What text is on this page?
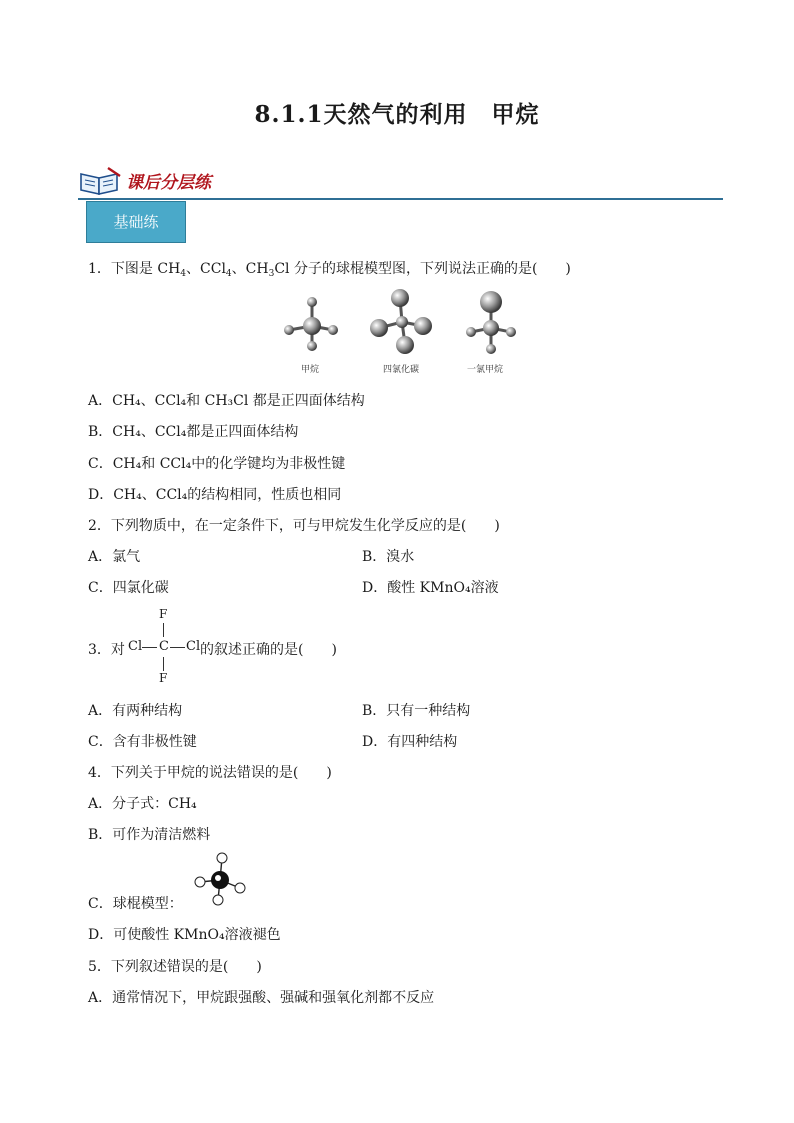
8.1.1天然气的利用　甲烷
课后分层练
基础练
1．下图是 $CH_4$、CCl$_4$、$CH_3Cl$ 分子的球棍模型图，下列说法正确的是(　　)
甲烷	四氯化碳	一氯甲烷
A．CH₄、CCl₄和 CH₃Cl 都是正四面体结构
B．CH₄、CCl₄都是正四面体结构
C．CH₄和 CCl₄中的化学键均为非极性键
D．CH₄、CCl₄的结构相同，性质也相同
2．下列物质中，在一定条件下，可与甲烷发生化学反应的是(　　)
A．氯气	B．溴水
C．四氯化碳	D．酸性 KMnO₄溶液
3．对
F
Cl C Cl
F
的叙述正确的是(　　)
A．有两种结构	B．只有一种结构
C．含有非极性键	D．有四种结构
4．下列关于甲烷的说法错误的是(　　)
A．分子式：CH₄
B．可作为清洁燃料
C．球棍模型：
D．可使酸性 KMnO₄溶液褪色
5．下列叙述错误的是(　　)
A．通常情况下，甲烷跟强酸、强碱和强氧化剂都不反应
